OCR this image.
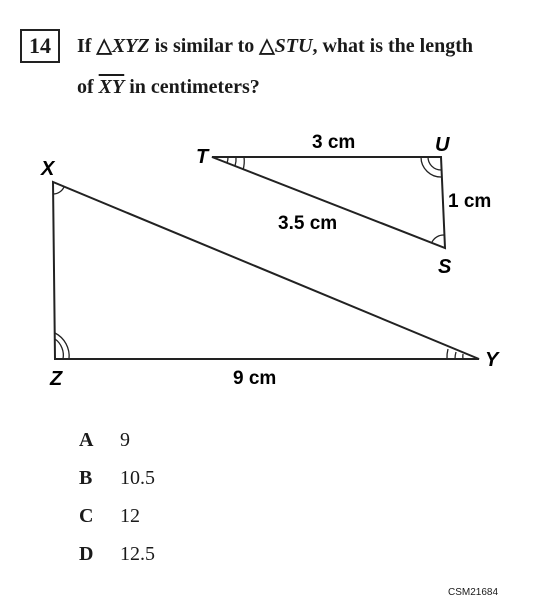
14	If △XYZ is similar to △STU, what is the length
of $\overline{XY}$ in centimeters?
X
Z
Y
T
U
S
3 cm
1 cm
3.5 cm
9 cm
A 9
B 10.5
C 12
D 12.5
CSM21684
